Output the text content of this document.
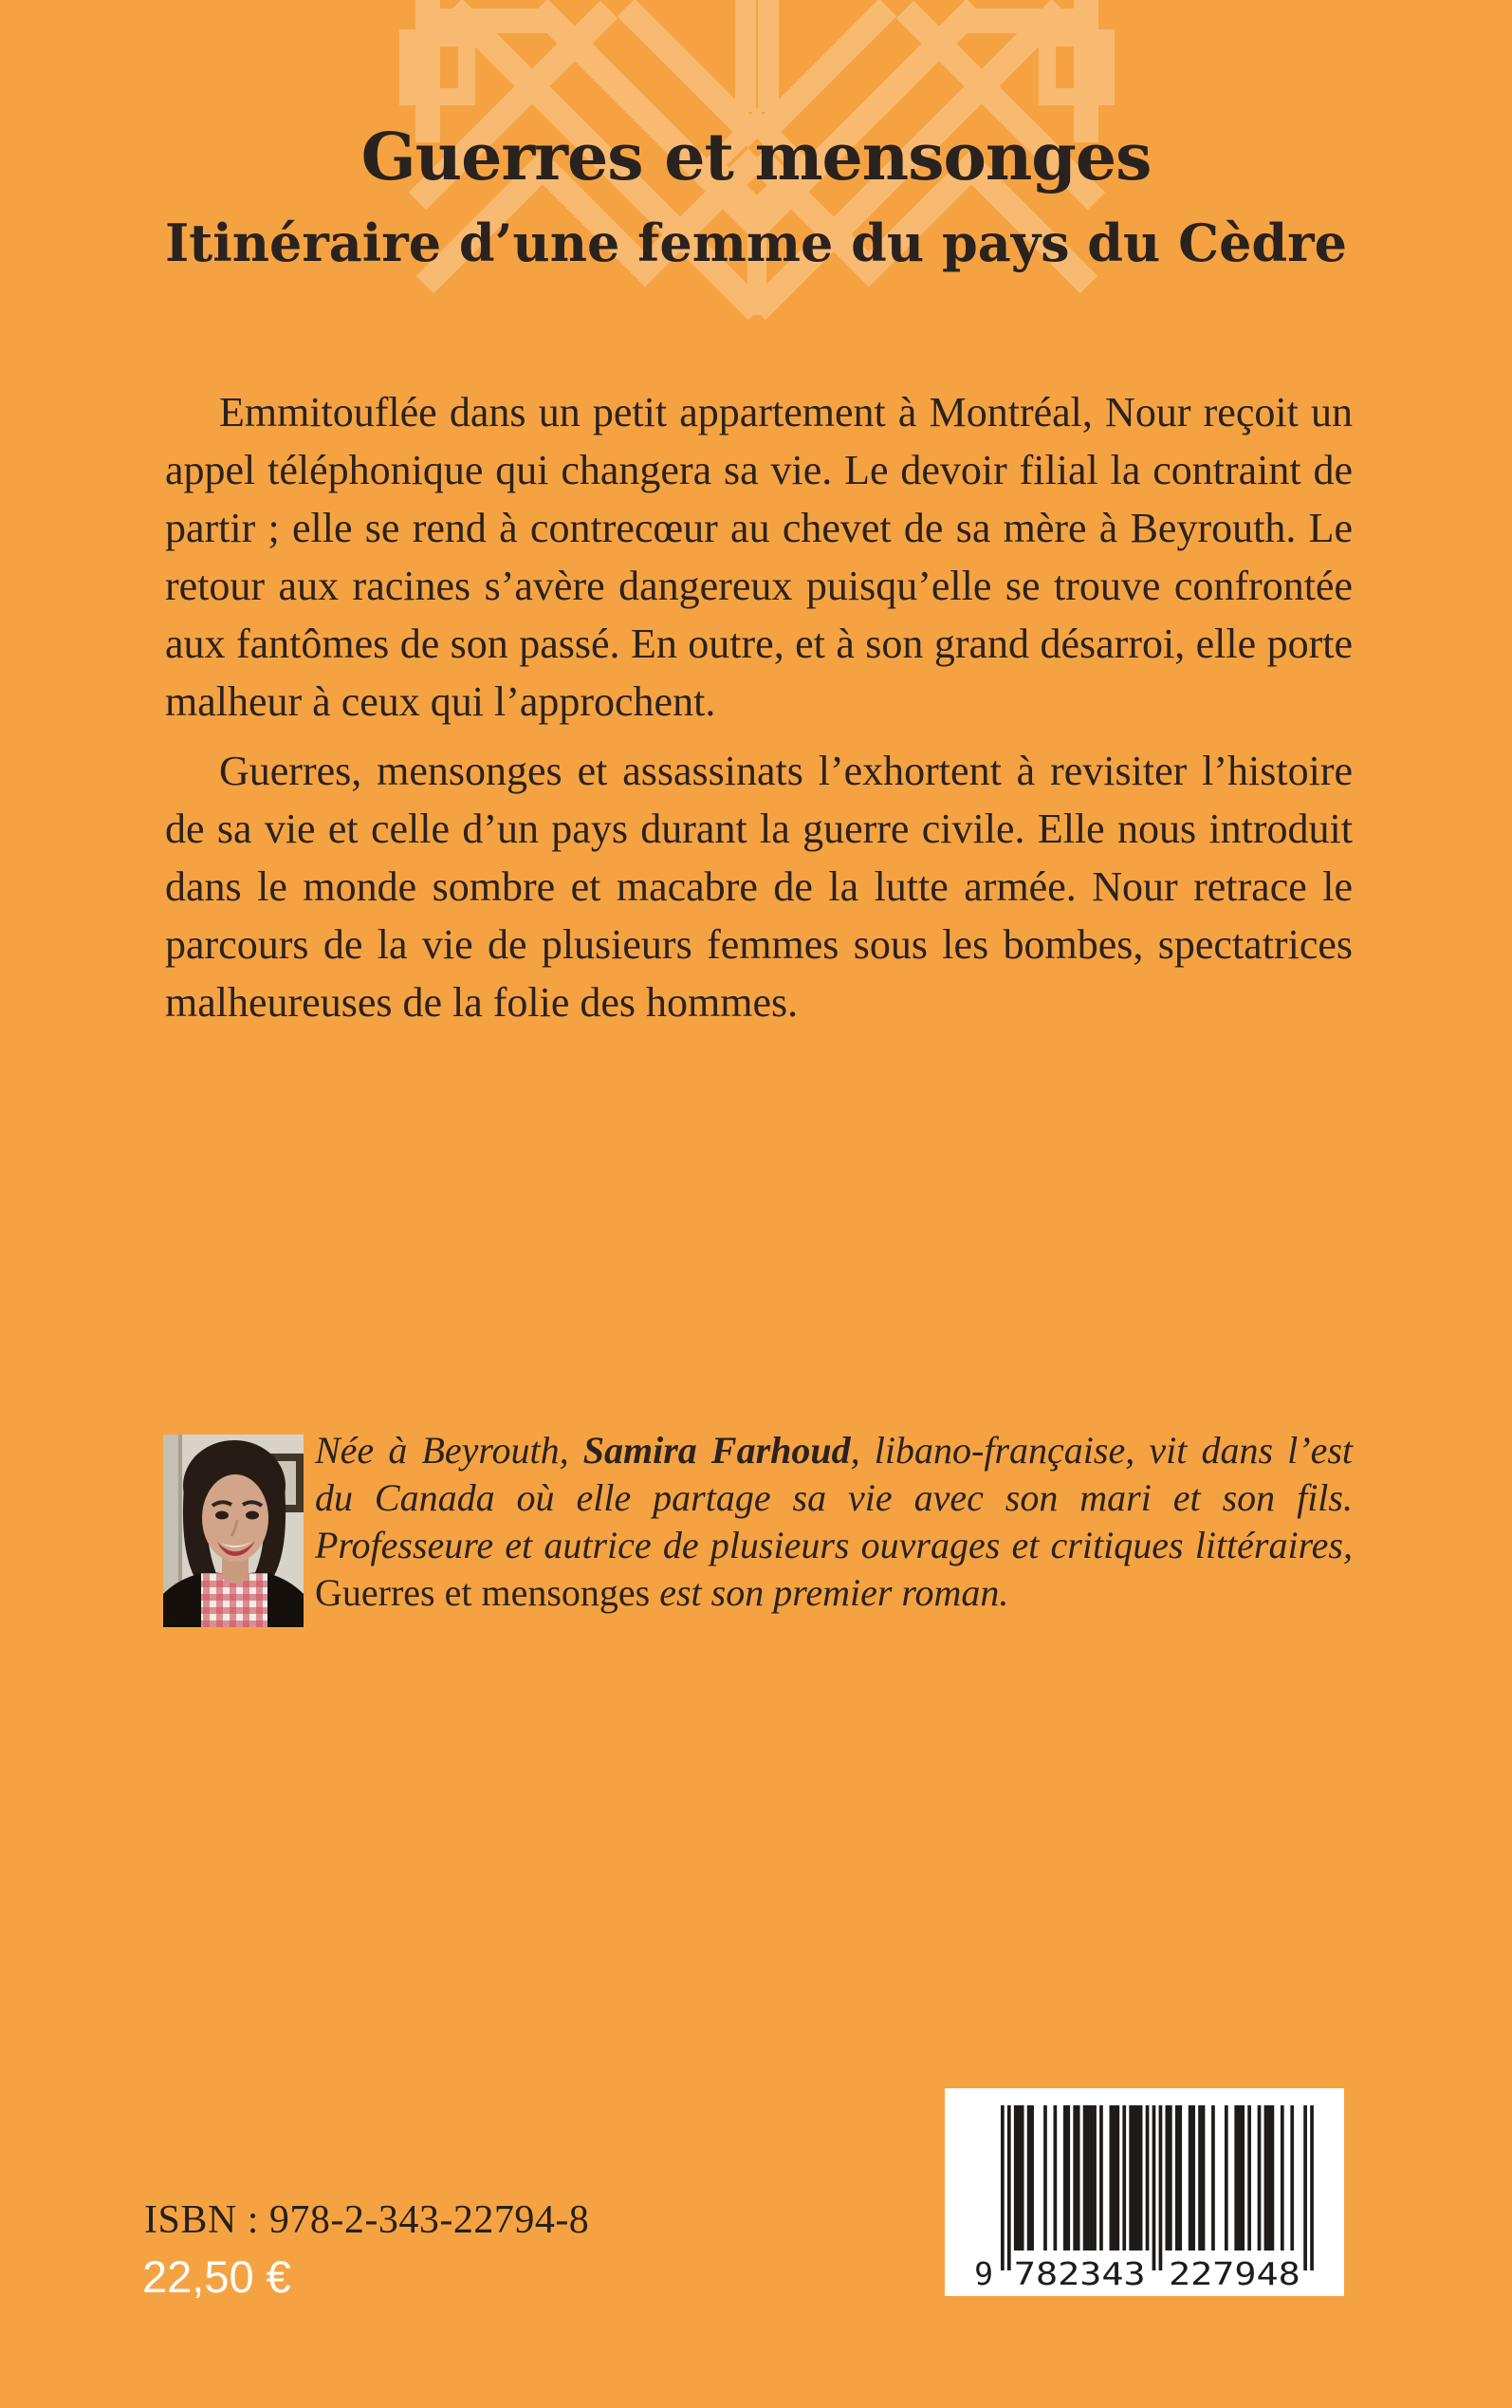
Guerres et mensonges
Itinéraire d’une femme du pays du Cèdre

Emmitouflée dans un petit appartement à Montréal, Nour reçoit un appel téléphonique qui changera sa vie. Le devoir filial la contraint de partir ; elle se rend à contrecœur au chevet de sa mère à Beyrouth. Le retour aux racines s’avère dangereux puisqu’elle se trouve confrontée aux fantômes de son passé. En outre, et à son grand désarroi, elle porte malheur à ceux qui l’approchent.

Guerres, mensonges et assassinats l’exhortent à revisiter l’histoire de sa vie et celle d’un pays durant la guerre civile. Elle nous introduit dans le monde sombre et macabre de la lutte armée. Nour retrace le parcours de la vie de plusieurs femmes sous les bombes, spectatrices malheureuses de la folie des hommes.

Née à Beyrouth, Samira Farhoud, libano-française, vit dans l’est du Canada où elle partage sa vie avec son mari et son fils. Professeure et autrice de plusieurs ouvrages et critiques littéraires, Guerres et mensonges est son premier roman.

ISBN : 978-2-343-22794-8
22,50 €	9 782343 227948
